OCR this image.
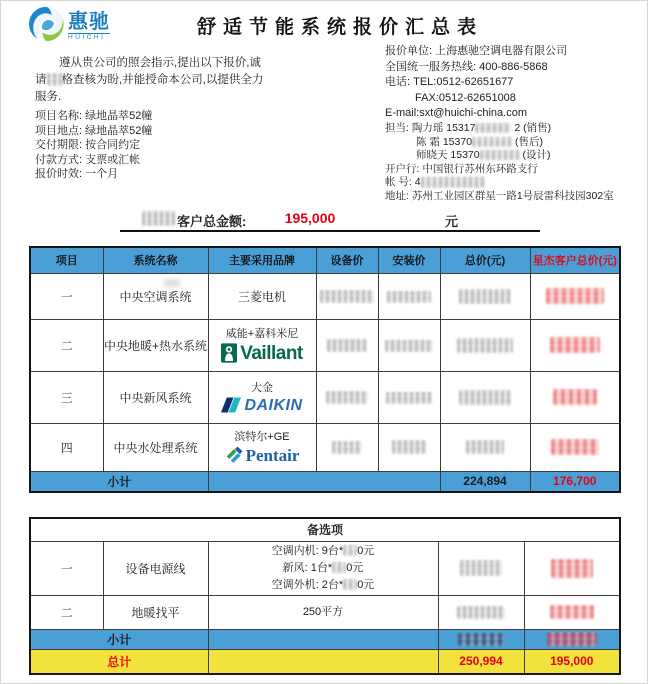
惠驰
HUICHI	舒适节能系统报价汇总表
遵从贵公司的照会指示,提出以下报价,诚
请 格查核为盼,并能授命本公司,以提供全力
服务.
报价单位: 上海惠驰空调电器有限公司
全国统一服务热线: 400-886-5868
电话: TEL:0512-62651677
FAX:0512-62651008
E-mail:sxt@huichi-china.com
项目名称: 绿地晶萃52幢
项目地点: 绿地晶萃52幢
交付期限: 按合同约定
付款方式: 支票或汇帐
报价时效: 一个月
担当: 陶力瑶 15317	2 (销售)
陈 霜 15370	(售后)
师晓天 15370	(设计)
开户行: 中国银行苏州东环路支行
帐 号: 4
地址: 苏州工业园区群星一路1号辰雷科技园302室
客户总金额:	195,000	元
项目	系统名称	主要采用品牌	设备价	安装价	总价(元)	星杰客户总价(元)
一	中央空调系统	三菱电机				
二	中央地暖+热水系统	威能+嘉科米尼
Vaillant				

三	中央新风系统	大金
DAIKIN				

四	中央水处理系统	滨特尔+GE
Pentair				

小计					224,894	176,700
备选项				
一	设备电源线	空调内机: 9台* 0元
新风: 1台* 0元
空调外机: 2台* 0元		

二	地暖找平	250平方		
小计				
总计			250,994	195,000
